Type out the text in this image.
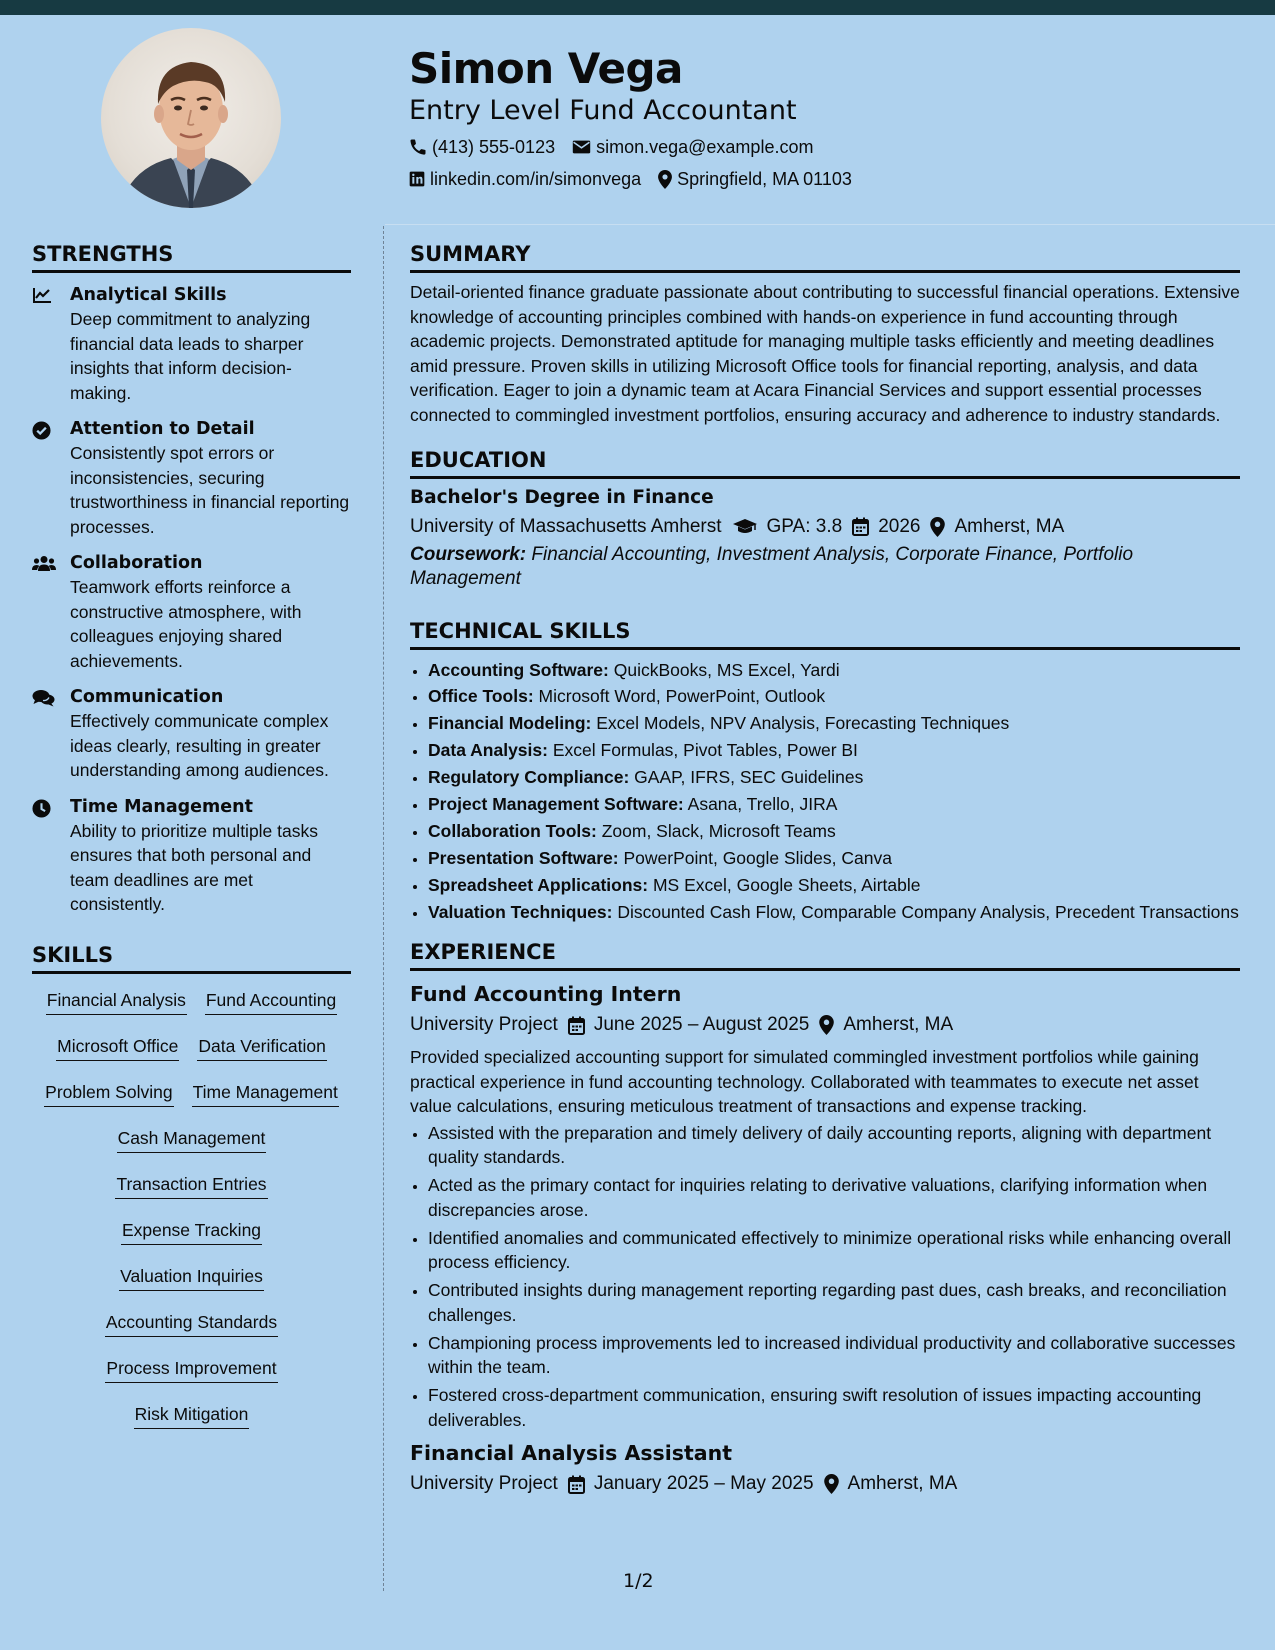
Simon Vega
Entry Level Fund Accountant
(413) 555-0123 simon.vega@example.com
linkedin.com/in/simonvega Springfield, MA 01103
STRENGTHS
Analytical Skills
Deep commitment to analyzing financial data leads to sharper insights that inform decision-making.
Attention to Detail
Consistently spot errors or inconsistencies, securing trustworthiness in financial reporting processes.
Collaboration
Teamwork efforts reinforce a constructive atmosphere, with colleagues enjoying shared achievements.
Communication
Effectively communicate complex ideas clearly, resulting in greater understanding among audiences.
Time Management
Ability to prioritize multiple tasks ensures that both personal and team deadlines are met consistently.
SKILLS
Financial Analysis Fund Accounting
Microsoft Office Data Verification
Problem Solving Time Management
Cash Management
Transaction Entries
Expense Tracking
Valuation Inquiries
Accounting Standards
Process Improvement
Risk Mitigation
SUMMARY
Detail-oriented finance graduate passionate about contributing to successful financial operations. Extensive knowledge of accounting principles combined with hands-on experience in fund accounting through academic projects. Demonstrated aptitude for managing multiple tasks efficiently and meeting deadlines amid pressure. Proven skills in utilizing Microsoft Office tools for financial reporting, analysis, and data verification. Eager to join a dynamic team at Acara Financial Services and support essential processes connected to commingled investment portfolios, ensuring accuracy and adherence to industry standards.
EDUCATION
Bachelor's Degree in Finance
University of Massachusetts Amherst GPA: 3.8 2026 Amherst, MA
Coursework: Financial Accounting, Investment Analysis, Corporate Finance, Portfolio Management
TECHNICAL SKILLS
• Accounting Software: QuickBooks, MS Excel, Yardi
• Office Tools: Microsoft Word, PowerPoint, Outlook
• Financial Modeling: Excel Models, NPV Analysis, Forecasting Techniques
• Data Analysis: Excel Formulas, Pivot Tables, Power BI
• Regulatory Compliance: GAAP, IFRS, SEC Guidelines
• Project Management Software: Asana, Trello, JIRA
• Collaboration Tools: Zoom, Slack, Microsoft Teams
• Presentation Software: PowerPoint, Google Slides, Canva
• Spreadsheet Applications: MS Excel, Google Sheets, Airtable
• Valuation Techniques: Discounted Cash Flow, Comparable Company Analysis, Precedent Transactions
EXPERIENCE
Fund Accounting Intern
University Project June 2025 – August 2025 Amherst, MA
Provided specialized accounting support for simulated commingled investment portfolios while gaining practical experience in fund accounting technology. Collaborated with teammates to execute net asset value calculations, ensuring meticulous treatment of transactions and expense tracking.
• Assisted with the preparation and timely delivery of daily accounting reports, aligning with department quality standards.
• Acted as the primary contact for inquiries relating to derivative valuations, clarifying information when discrepancies arose.
• Identified anomalies and communicated effectively to minimize operational risks while enhancing overall process efficiency.
• Contributed insights during management reporting regarding past dues, cash breaks, and reconciliation challenges.
• Championing process improvements led to increased individual productivity and collaborative successes within the team.
• Fostered cross-department communication, ensuring swift resolution of issues impacting accounting deliverables.
Financial Analysis Assistant
University Project January 2025 – May 2025 Amherst, MA
1/2
